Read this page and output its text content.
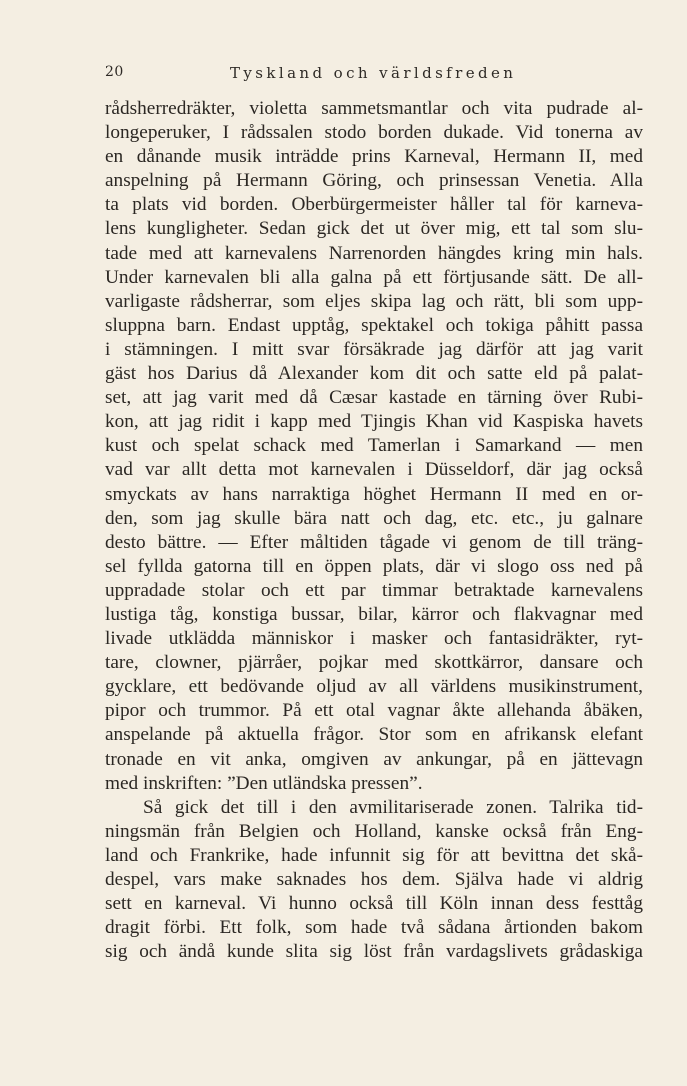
20	Tyskland och världsfreden
rådsherredräkter, violetta sammetsmantlar och vita pudrade al-
longeperuker, I rådssalen stodo borden dukade. Vid tonerna av
en dånande musik inträdde prins Karneval, Hermann II, med
anspelning på Hermann Göring, och prinsessan Venetia. Alla
ta plats vid borden. Oberbürgermeister håller tal för karneva-
lens kungligheter. Sedan gick det ut över mig, ett tal som slu-
tade med att karnevalens Narrenorden hängdes kring min hals.
Under karnevalen bli alla galna på ett förtjusande sätt. De all-
varligaste rådsherrar, som eljes skipa lag och rätt, bli som upp-
sluppna barn. Endast upptåg, spektakel och tokiga påhitt passa
i stämningen. I mitt svar försäkrade jag därför att jag varit
gäst hos Darius då Alexander kom dit och satte eld på palat-
set, att jag varit med då Cæsar kastade en tärning över Rubi-
kon, att jag ridit i kapp med Tjingis Khan vid Kaspiska havets
kust och spelat schack med Tamerlan i Samarkand — men
vad var allt detta mot karnevalen i Düsseldorf, där jag också
smyckats av hans narraktiga höghet Hermann II med en or-
den, som jag skulle bära natt och dag, etc. etc., ju galnare
desto bättre. — Efter måltiden tågade vi genom de till träng-
sel fyllda gatorna till en öppen plats, där vi slogo oss ned på
uppradade stolar och ett par timmar betraktade karnevalens
lustiga tåg, konstiga bussar, bilar, kärror och flakvagnar med
livade utklädda människor i masker och fantasidräkter, ryt-
tare, clowner, pjärråer, pojkar med skottkärror, dansare och
gycklare, ett bedövande oljud av all världens musikinstrument,
pipor och trummor. På ett otal vagnar åkte allehanda åbäken,
anspelande på aktuella frågor. Stor som en afrikansk elefant
tronade en vit anka, omgiven av ankungar, på en jättevagn
med inskriften: ”Den utländska pressen”.
Så gick det till i den avmilitariserade zonen. Talrika tid-
ningsmän från Belgien och Holland, kanske också från Eng-
land och Frankrike, hade infunnit sig för att bevittna det skå-
despel, vars make saknades hos dem. Själva hade vi aldrig
sett en karneval. Vi hunno också till Köln innan dess festtåg
dragit förbi. Ett folk, som hade två sådana årtionden bakom
sig och ändå kunde slita sig löst från vardagslivets grådaskiga
